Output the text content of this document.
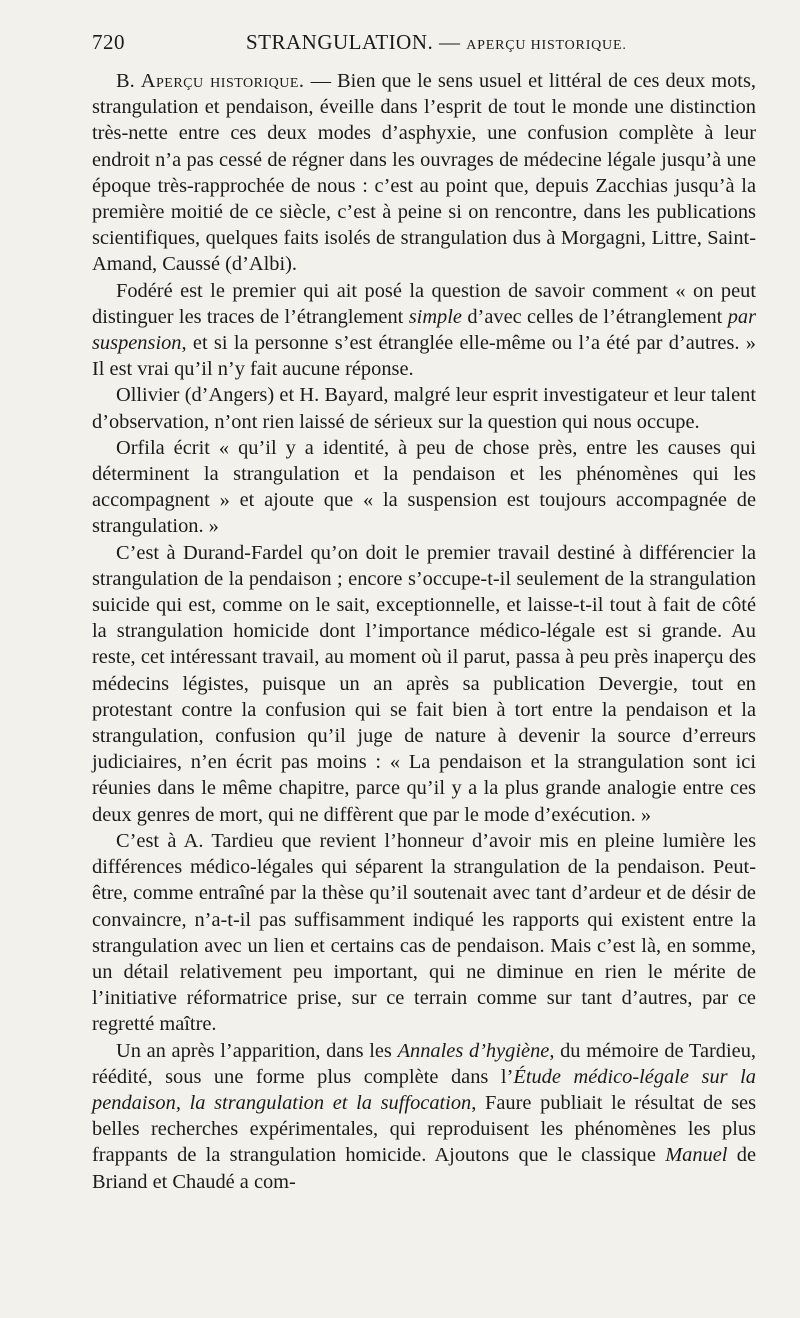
720	STRANGULATION. — APERÇU HISTORIQUE.

B. Aperçu historique. — Bien que le sens usuel et littéral de ces deux mots, strangulation et pendaison, éveille dans l’esprit de tout le monde une distinction très-nette entre ces deux modes d’asphyxie, une confusion complète à leur endroit n’a pas cessé de régner dans les ouvrages de médecine légale jusqu’à une époque très-rapprochée de nous : c’est au point que, depuis Zacchias jusqu’à la première moitié de ce siècle, c’est à peine si on rencontre, dans les publications scientifiques, quelques faits isolés de strangulation dus à Morgagni, Littre, Saint-Amand, Caussé (d’Albi).

Fodéré est le premier qui ait posé la question de savoir comment « on peut distinguer les traces de l’étranglement simple d’avec celles de l’étranglement par suspension, et si la personne s’est étranglée elle-même ou l’a été par d’autres. » Il est vrai qu’il n’y fait aucune réponse.

Ollivier (d’Angers) et H. Bayard, malgré leur esprit investigateur et leur talent d’observation, n’ont rien laissé de sérieux sur la question qui nous occupe.

Orfila écrit « qu’il y a identité, à peu de chose près, entre les causes qui déterminent la strangulation et la pendaison et les phénomènes qui les accompagnent » et ajoute que « la suspension est toujours accompagnée de strangulation. »

C’est à Durand-Fardel qu’on doit le premier travail destiné à différencier la strangulation de la pendaison ; encore s’occupe-t-il seulement de la strangulation suicide qui est, comme on le sait, exceptionnelle, et laisse-t-il tout à fait de côté la strangulation homicide dont l’importance médico-légale est si grande. Au reste, cet intéressant travail, au moment où il parut, passa à peu près inaperçu des médecins légistes, puisque un an après sa publication Devergie, tout en protestant contre la confusion qui se fait bien à tort entre la pendaison et la strangulation, confusion qu’il juge de nature à devenir la source d’erreurs judiciaires, n’en écrit pas moins : « La pendaison et la strangulation sont ici réunies dans le même chapitre, parce qu’il y a la plus grande analogie entre ces deux genres de mort, qui ne diffèrent que par le mode d’exécution. »

C’est à A. Tardieu que revient l’honneur d’avoir mis en pleine lumière les différences médico-légales qui séparent la strangulation de la pendaison. Peut-être, comme entraîné par la thèse qu’il soutenait avec tant d’ardeur et de désir de convaincre, n’a-t-il pas suffisamment indiqué les rapports qui existent entre la strangulation avec un lien et certains cas de pendaison. Mais c’est là, en somme, un détail relativement peu important, qui ne diminue en rien le mérite de l’initiative réformatrice prise, sur ce terrain comme sur tant d’autres, par ce regretté maître.

Un an après l’apparition, dans les Annales d’hygiène, du mémoire de Tardieu, réédité, sous une forme plus complète dans l’Étude médico-légale sur la pendaison, la strangulation et la suffocation, Faure publiait le résultat de ses belles recherches expérimentales, qui reproduisent les phénomènes les plus frappants de la strangulation homicide. Ajoutons que le classique Manuel de Briand et Chaudé a com-
